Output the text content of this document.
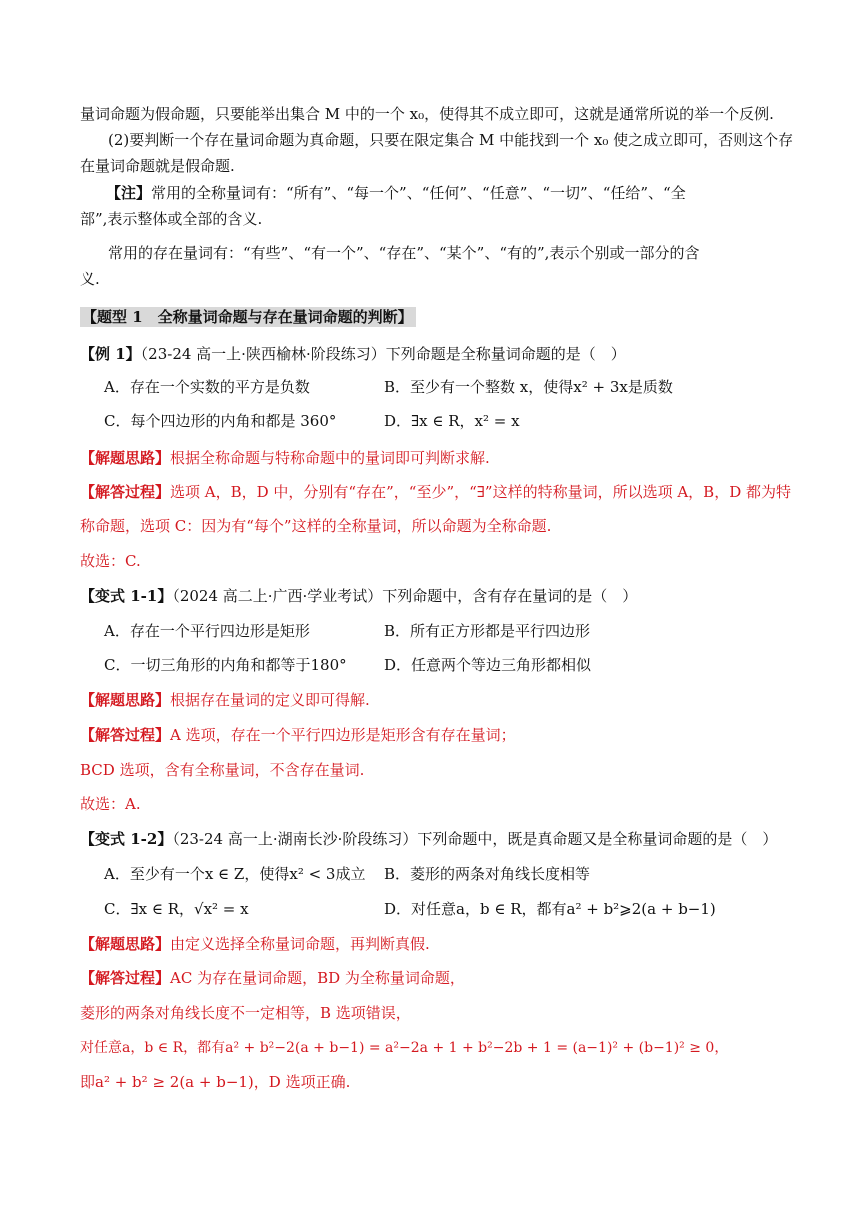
量词命题为假命题，只要能举出集合 M 中的一个 x₀，使得其不成立即可，这就是通常所说的举一个反例.
(2)要判断一个存在量词命题为真命题，只要在限定集合 M 中能找到一个 x₀ 使之成立即可，否则这个存
在量词命题就是假命题.
【注】常用的全称量词有：“所有”、“每一个”、“任何”、“任意”、“一切”、“任给”、“全
部”,表示整体或全部的含义.
常用的存在量词有：“有些”、“有一个”、“存在”、“某个”、“有的”,表示个别或一部分的含
义.
【题型 1　全称量词命题与存在量词命题的判断】
【例 1】（23-24 高一上·陕西榆林·阶段练习）下列命题是全称量词命题的是（　）
A．存在一个实数的平方是负数	B．至少有一个整数 x，使得x² + 3x是质数
C．每个四边形的内角和都是 360°	D．∃x ∈ R，x² = x
【解题思路】根据全称命题与特称命题中的量词即可判断求解.
【解答过程】选项 A，B，D 中，分别有“存在”，“至少”，“∃”这样的特称量词，所以选项 A，B，D 都为特
称命题，选项 C：因为有“每个”这样的全称量词，所以命题为全称命题.
故选：C.
【变式 1-1】（2024 高二上·广西·学业考试）下列命题中，含有存在量词的是（　）
A．存在一个平行四边形是矩形	B．所有正方形都是平行四边形
C．一切三角形的内角和都等于180° D．任意两个等边三角形都相似
【解题思路】根据存在量词的定义即可得解.
【解答过程】A 选项，存在一个平行四边形是矩形含有存在量词；
BCD 选项，含有全称量词，不含存在量词.
故选：A.
【变式 1-2】（23-24 高一上·湖南长沙·阶段练习）下列命题中，既是真命题又是全称量词命题的是（　）
A．至少有一个x ∈ Z，使得x² < 3成立 B．菱形的两条对角线长度相等
C．∃x ∈ R，√x² = x	D．对任意a，b ∈ R，都有a² + b²⩾2(a + b−1)
【解题思路】由定义选择全称量词命题，再判断真假.
【解答过程】AC 为存在量词命题，BD 为全称量词命题，
菱形的两条对角线长度不一定相等，B 选项错误，
对任意a，b ∈ R，都有a² + b²−2(a + b−1) = a²−2a + 1 + b²−2b + 1 = (a−1)² + (b−1)² ≥ 0，
即a² + b² ≥ 2(a + b−1)，D 选项正确.
